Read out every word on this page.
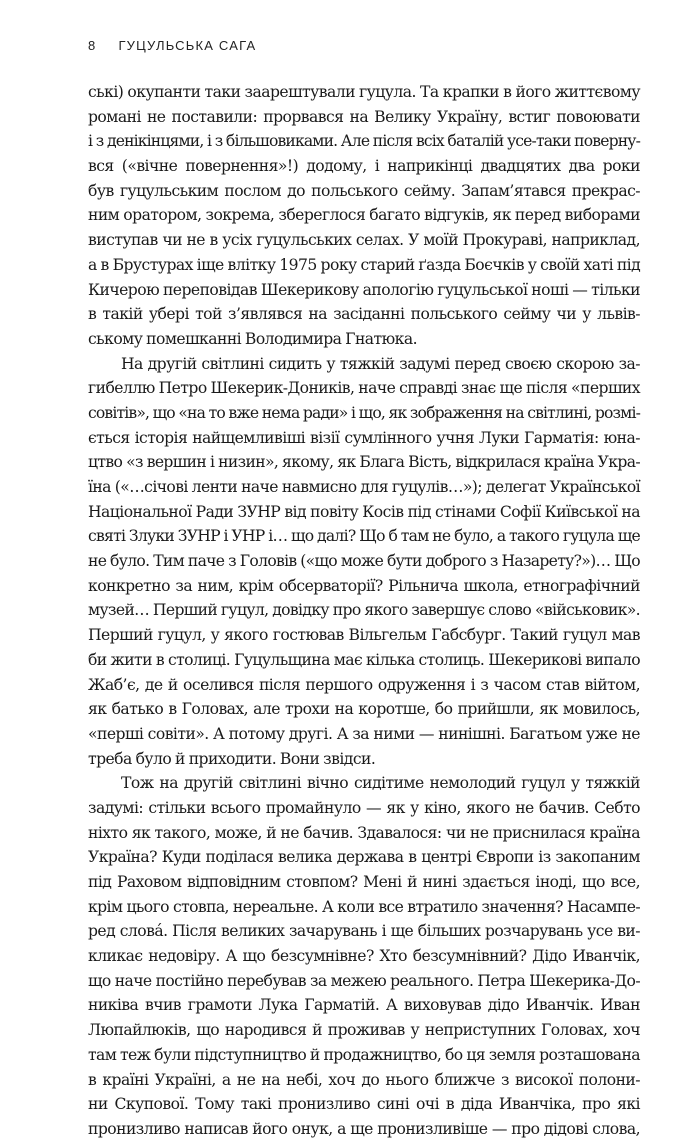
8 ГУЦУЛЬСЬКА САГА
ські) окупанти таки заарештували гуцула. Та крапки в його життєвому
романі не поставили: прорвався на Велику Україну, встиг повоювати
і з денікінцями, і з більшовиками. Але після всіх баталій усе-таки поверну-
вся («вічне повернення»!) додому, і наприкінці двадцятих два роки
був гуцульським послом до польського сейму. Запам’ятався прекрас-
ним оратором, зокрема, збереглося багато відгуків, як перед виборами
виступав чи не в усіх гуцульських селах. У моїй Прокураві, наприклад,
а в Брустурах іще влітку 1975 року старий ґазда Боєчків у своїй хаті під
Кичерою переповідав Шекерикову апологію гуцульської ноші — тільки
в такій убері той з’являвся на засіданні польського сейму чи у львів-
ському помешканні Володимира Гнатюка.
На другій світлині сидить у тяжкій задумі перед своєю скорою за-
гибеллю Петро Шекерик-Доників, наче справді знає ще після «перших
совітів», що «на то вже нема ради» і що, як зображення на світлині, розмі-
ється історія найщемливіші візії сумлінного учня Луки Гарматія: юна-
цтво «з вершин і низин», якому, як Блага Вість, відкрилася країна Укра-
їна («…січові ленти наче навмисно для гуцулів…»); делегат Української
Національної Ради ЗУНР від повіту Косів під стінами Софії Київської на
святі Злуки ЗУНР і УНР і… що далі? Що б там не було, а такого гуцула ще
не було. Тим паче з Головів («що може бути доброго з Назарету?»)… Що
конкретно за ним, крім обсерваторії? Рільнича школа, етнографічний
музей… Перший гуцул, довідку про якого завершує слово «військовик».
Перший гуцул, у якого гостював Вільгельм Габсбург. Такий гуцул мав
би жити в столиці. Гуцульщина має кілька столиць. Шекерикові випало
Жаб’є, де й оселився після першого одруження і з часом став війтом,
як батько в Головах, але трохи на коротше, бо прийшли, як мовилось,
«перші совіти». А потому другі. А за ними — нинішні. Багатьом уже не
треба було й приходити. Вони звідси.
Тож на другій світлині вічно сидітиме немолодий гуцул у тяжкій
задумі: стільки всього промайнуло — як у кіно, якого не бачив. Себто
ніхто як такого, може, й не бачив. Здавалося: чи не приснилася країна
Україна? Куди поділася велика держава в центрі Європи із закопаним
під Раховом відповідним стовпом? Мені й нині здається іноді, що все,
крім цього стовпа, нереальне. А коли все втратило значення? Насампе-
ред слова́. Після великих зачарувань і ще більших розчарувань усе ви-
кликає недовіру. А що безсумнівне? Хто безсумнівний? Дідо Иванчік,
що наче постійно перебував за межею реального. Петра Шекерика-До-
никіва вчив грамоти Лука Гарматій. А виховував дідо Иванчік. Иван
Люпайлюків, що народився й проживав у неприступних Головах, хоч
там теж були підступництво й продажництво, бо ця земля розташована
в країні Україні, а не на небі, хоч до нього ближче з високої полони-
ни Скупової. Тому такі пронизливо сині очі в діда Иванчіка, про які
пронизливо написав його онук, а ще пронизливіше — про дідові слова,
